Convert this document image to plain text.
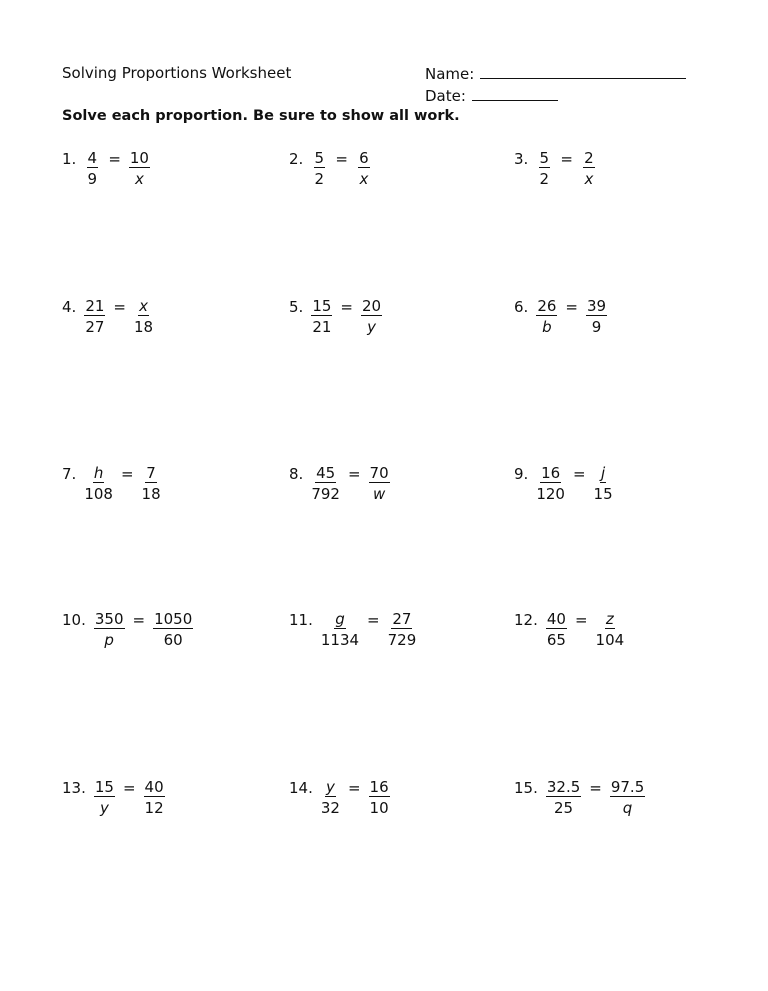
Solving Proportions Worksheet	Name:
Date:
Solve each proportion. Be sure to show all work.
1. $\frac{4}{9} = \frac{10}{x}$	2. $\frac{5}{2} = \frac{6}{x}$	3. $\frac{5}{2} = \frac{2}{x}$
4. $\frac{21}{27} = \frac{x}{18}$	5. $\frac{15}{21} = \frac{20}{y}$	6. $\frac{26}{b} = \frac{39}{9}$
7. $\frac{h}{108} = \frac{7}{18}$	8. $\frac{45}{792} = \frac{70}{w}$	9. $\frac{16}{120} = \frac{j}{15}$
10. $\frac{350}{p} = \frac{1050}{60}$	11. $\frac{g}{1134} = \frac{27}{729}$	12. $\frac{40}{65} = \frac{z}{104}$
13. $\frac{15}{y} = \frac{40}{12}$	14. $\frac{y}{32} = \frac{16}{10}$	15. $\frac{32.5}{25} = \frac{97.5}{q}$
